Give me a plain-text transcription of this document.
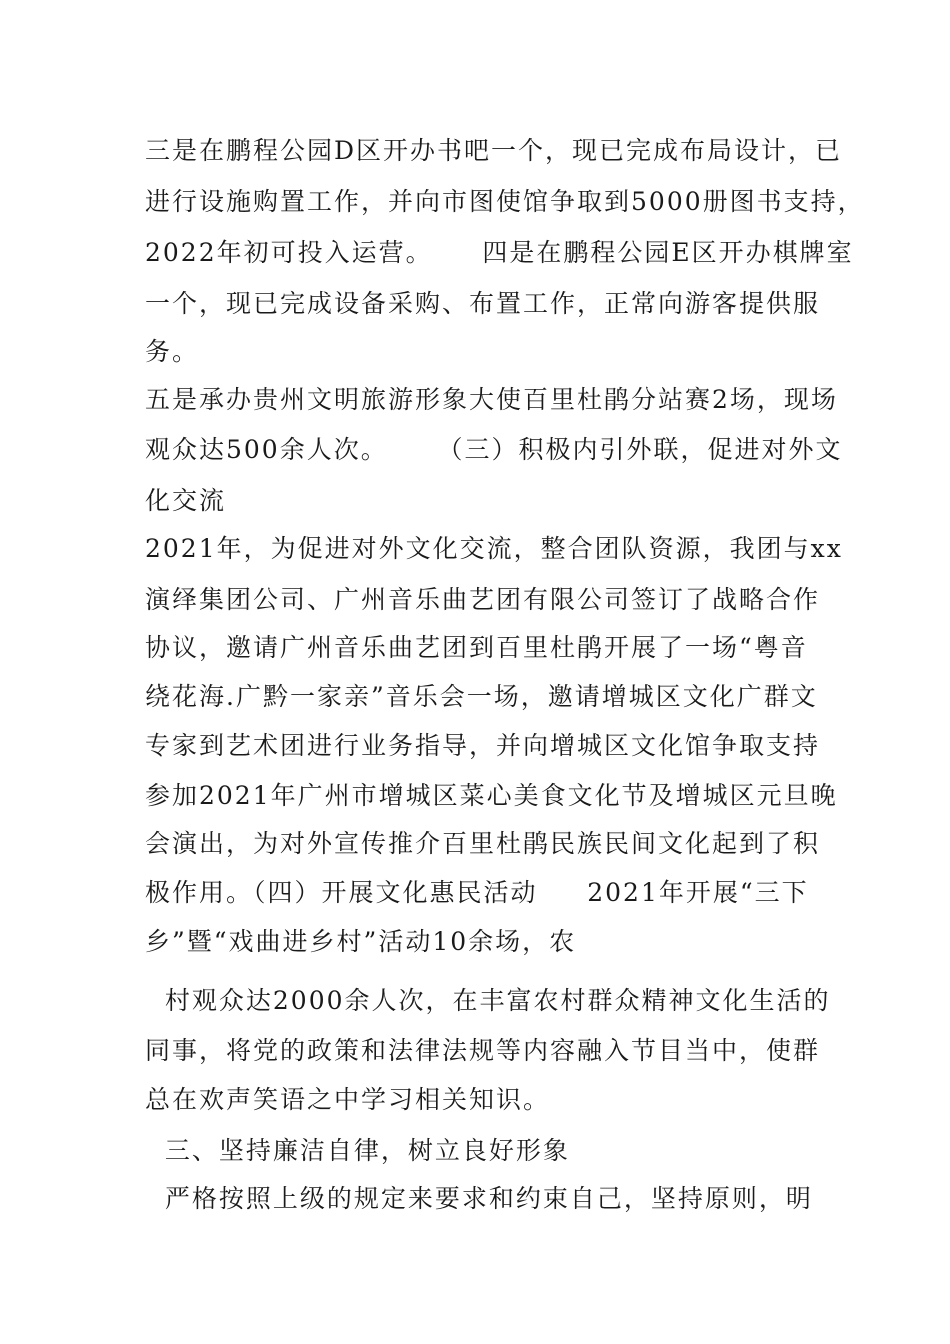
三是在鹏程公园D区开办书吧一个，现已完成布局设计，已
进行设施购置工作，并向市图使馆争取到5000册图书支持，
2022年初可投入运营。     四是在鹏程公园E区开办棋牌室
一个，现已完成设备采购、布置工作，正常向游客提供服
务。
五是承办贵州文明旅游形象大使百里杜鹃分站赛2场，现场
观众达500余人次。     （三）积极内引外联，促进对外文
化交流
2021年，为促进对外文化交流，整合团队资源，我团与xx
演绎集团公司、广州音乐曲艺团有限公司签订了战略合作
协议，邀请广州音乐曲艺团到百里杜鹃开展了一场“粤音
绕花海.广黔一家亲”音乐会一场，邀请增城区文化广群文
专家到艺术团进行业务指导，并向增城区文化馆争取支持
参加2021年广州市增城区菜心美食文化节及增城区元旦晚
会演出，为对外宣传推介百里杜鹃民族民间文化起到了积
极作用。（四）开展文化惠民活动     2021年开展“三下
乡”暨“戏曲进乡村”活动10余场，农
村观众达2000余人次，在丰富农村群众精神文化生活的
同事，将党的政策和法律法规等内容融入节目当中，使群
总在欢声笑语之中学习相关知识。
三、坚持廉洁自律，树立良好形象
严格按照上级的规定来要求和约束自己，坚持原则，明
